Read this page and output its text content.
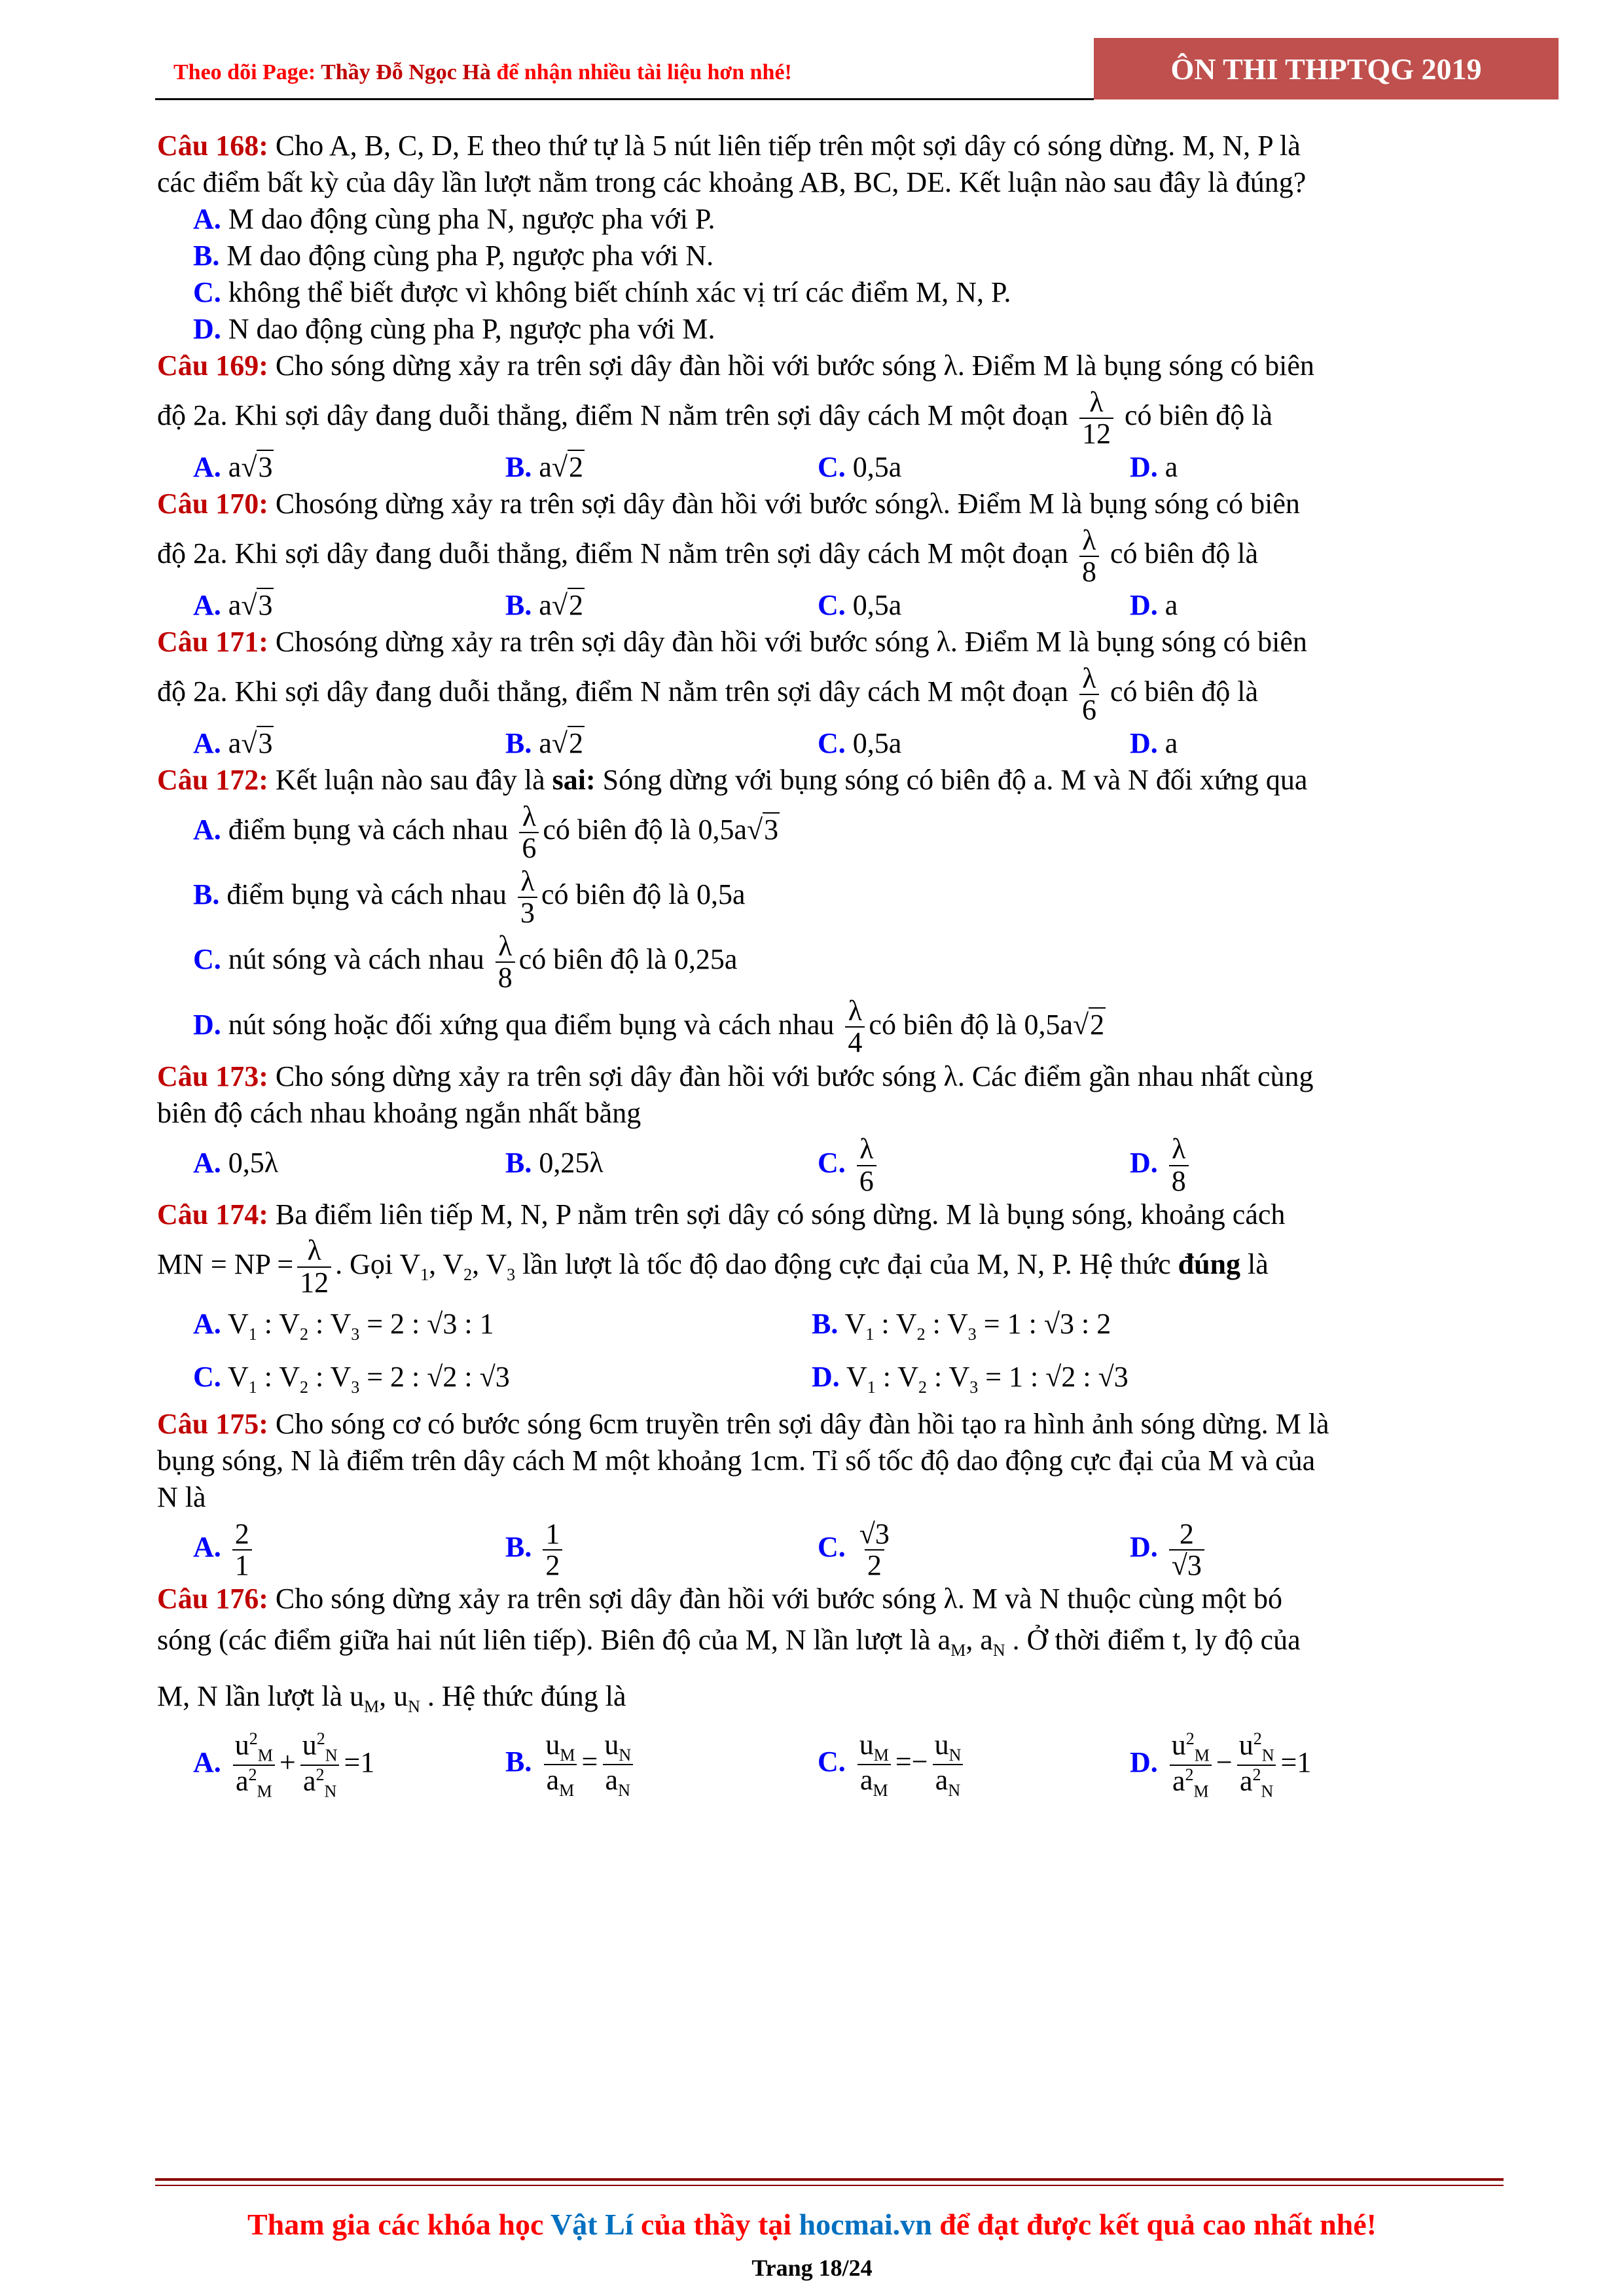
Theo dõi Page: Thầy Đỗ Ngọc Hà để nhận nhiều tài liệu hơn nhé!	ÔN THI THPTQG 2019
Câu 168: Cho A, B, C, D, E theo thứ tự là 5 nút liên tiếp trên một sợi dây có sóng dừng. M, N, P là
các điểm bất kỳ của dây lần lượt nằm trong các khoảng AB, BC, DE. Kết luận nào sau đây là đúng?
A. M dao động cùng pha N, ngược pha với P.
B. M dao động cùng pha P, ngược pha với N.
C. không thể biết được vì không biết chính xác vị trí các điểm M, N, P.
D. N dao động cùng pha P, ngược pha với M.
Câu 169: Cho sóng dừng xảy ra trên sợi dây đàn hồi với bước sóng λ. Điểm M là bụng sóng có biên
độ 2a. Khi sợi dây đang duỗi thẳng, điểm N nằm trên sợi dây cách M một đoạn $\frac{\lambda}{12}$ có biên độ là
A. a√3	B. a√2	C. 0,5a	D. a
Câu 170: Chosóng dừng xảy ra trên sợi dây đàn hồi với bước sóngλ. Điểm M là bụng sóng có biên
độ 2a. Khi sợi dây đang duỗi thẳng, điểm N nằm trên sợi dây cách M một đoạn $\frac{\lambda}{8}$ có biên độ là
A. a√3	B. a√2	C. 0,5a	D. a
Câu 171: Chosóng dừng xảy ra trên sợi dây đàn hồi với bước sóng λ. Điểm M là bụng sóng có biên
độ 2a. Khi sợi dây đang duỗi thẳng, điểm N nằm trên sợi dây cách M một đoạn $\frac{\lambda}{6}$ có biên độ là
A. a√3	B. a√2	C. 0,5a	D. a
Câu 172: Kết luận nào sau đây là sai: Sóng dừng với bụng sóng có biên độ a. M và N đối xứng qua
A. điểm bụng và cách nhau $\frac{\lambda}{6}$ có biên độ là 0,5a√3
B. điểm bụng và cách nhau $\frac{\lambda}{3}$ có biên độ là 0,5a
C. nút sóng và cách nhau $\frac{\lambda}{8}$ có biên độ là 0,25a
D. nút sóng hoặc đối xứng qua điểm bụng và cách nhau $\frac{\lambda}{4}$ có biên độ là 0,5a√2
Câu 173: Cho sóng dừng xảy ra trên sợi dây đàn hồi với bước sóng λ. Các điểm gần nhau nhất cùng
biên độ cách nhau khoảng ngắn nhất bằng
A. 0,5λ	B. 0,25λ	C. $\frac{\lambda}{6}$	D. $\frac{\lambda}{8}$
Câu 174: Ba điểm liên tiếp M, N, P nằm trên sợi dây có sóng dừng. M là bụng sóng, khoảng cách
MN = NP = $\frac{\lambda}{12}$ . Gọi $V_1$, $V_2$, $V_3$ lần lượt là tốc độ dao động cực đại của M, N, P. Hệ thức đúng là
A. $V_1$ : $V_2$ : $V_3 = 2$ : √3 : 1	B. $V_1$ : $V_2$ : $V_3 = 1$ : √3 : 2
C. $V_1$ : $V_2$ : $V_3 = 2$ : √2 : √3	D. $V_1$ : $V_2$ : $V_3 = 1$ : √2 : √3
Câu 175: Cho sóng cơ có bước sóng 6cm truyền trên sợi dây đàn hồi tạo ra hình ảnh sóng dừng. M là
bụng sóng, N là điểm trên dây cách M một khoảng 1cm. Tỉ số tốc độ dao động cực đại của M và của
N là
A. $\frac{2}{1}$	B. $\frac{1}{2}$	C. $\frac{√3}{2}$	D. $\frac{2}{√3}$
Câu 176: Cho sóng dừng xảy ra trên sợi dây đàn hồi với bước sóng λ. M và N thuộc cùng một bó
sóng (các điểm giữa hai nút liên tiếp). Biên độ của M, N lần lượt là $a_M$, $a_N$ . Ở thời điểm t, ly độ của
M, N lần lượt là $u_M$, $u_N$ . Hệ thức đúng là
A. $\frac{u^2_M}{a^2_M} + \frac{u^2_N}{a^2_N} =1$	B. $\frac{u_M}{a_M} = \frac{u_N}{a_N}$	C. $\frac{u_M}{a_M} =- \frac{u_N}{a_N}$	D. $\frac{u^2_M}{a^2_M} - \frac{u^2_N}{a^2_N} =1$
Tham gia các khóa học Vật Lí của thầy tại hocmai.vn để đạt được kết quả cao nhất nhé!
Trang 18/24
